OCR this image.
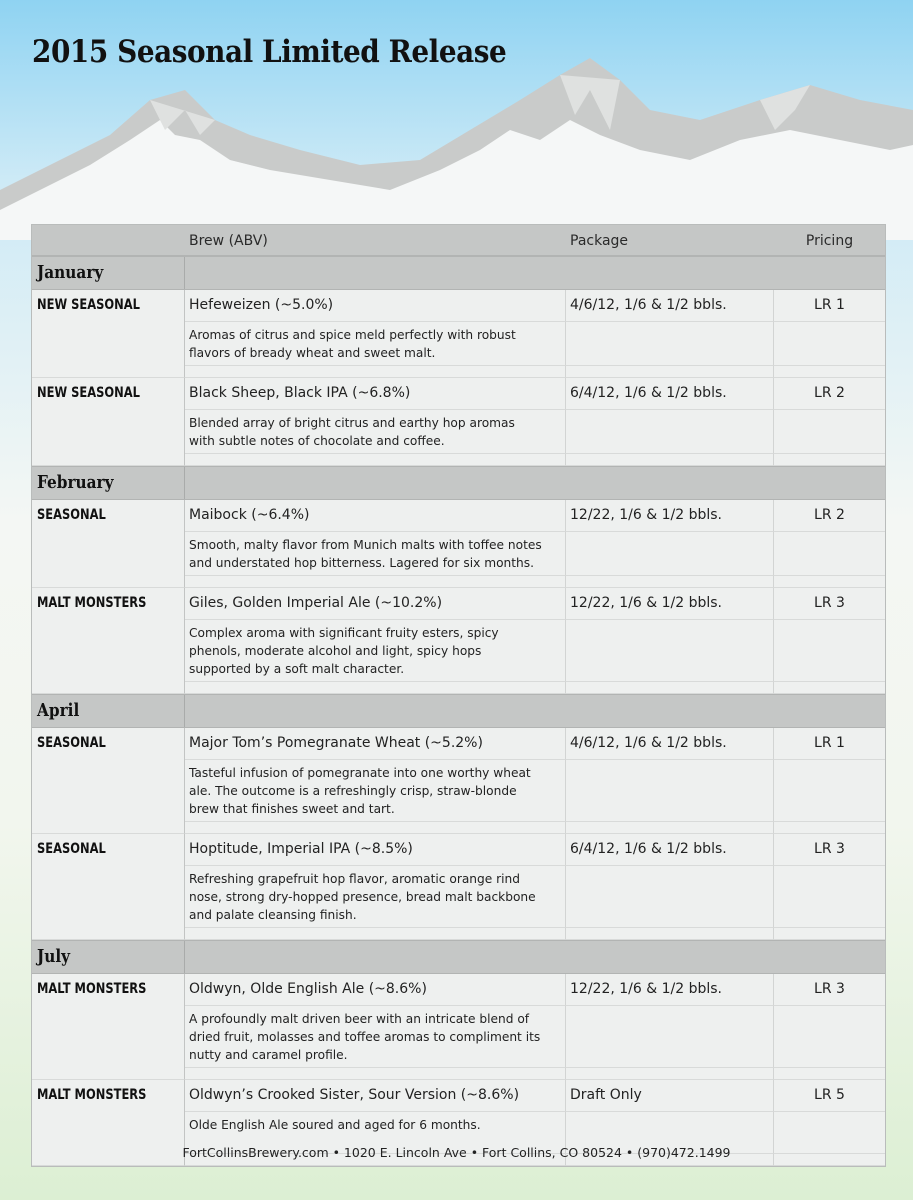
2015 Seasonal Limited Release
Brew (ABV)	Package	Pricing
January
NEW SEASONAL	Hefeweizen (~5.0%)	4/6/12, 1/6 & 1/2 bbls.	LR 1
Aromas of citrus and spice meld perfectly with robust
flavors of bready wheat and sweet malt.
NEW SEASONAL	Black Sheep, Black IPA (~6.8%)	6/4/12, 1/6 & 1/2 bbls.	LR 2
Blended array of bright citrus and earthy hop aromas
with subtle notes of chocolate and coffee.
February
SEASONAL	Maibock (~6.4%)	12/22, 1/6 & 1/2 bbls.	LR 2
Smooth, malty flavor from Munich malts with toffee notes
and understated hop bitterness. Lagered for six months.
MALT MONSTERS	Giles, Golden Imperial Ale (~10.2%)	12/22, 1/6 & 1/2 bbls.	LR 3
Complex aroma with significant fruity esters, spicy
phenols, moderate alcohol and light, spicy hops
supported by a soft malt character.
April
SEASONAL	Major Tom’s Pomegranate Wheat (~5.2%)	4/6/12, 1/6 & 1/2 bbls.	LR 1
Tasteful infusion of pomegranate into one worthy wheat
ale. The outcome is a refreshingly crisp, straw-blonde
brew that finishes sweet and tart.
SEASONAL	Hoptitude, Imperial IPA (~8.5%)	6/4/12, 1/6 & 1/2 bbls.	LR 3
Refreshing grapefruit hop flavor, aromatic orange rind
nose, strong dry-hopped presence, bread malt backbone
and palate cleansing finish.
July
MALT MONSTERS	Oldwyn, Olde English Ale (~8.6%)	12/22, 1/6 & 1/2 bbls.	LR 3
A profoundly malt driven beer with an intricate blend of
dried fruit, molasses and toffee aromas to compliment its
nutty and caramel profile.
MALT MONSTERS	Oldwyn’s Crooked Sister, Sour Version (~8.6%)	Draft Only	LR 5
Olde English Ale soured and aged for 6 months.
FortCollinsBrewery.com • 1020 E. Lincoln Ave • Fort Collins, CO 80524 • (970)472.1499
